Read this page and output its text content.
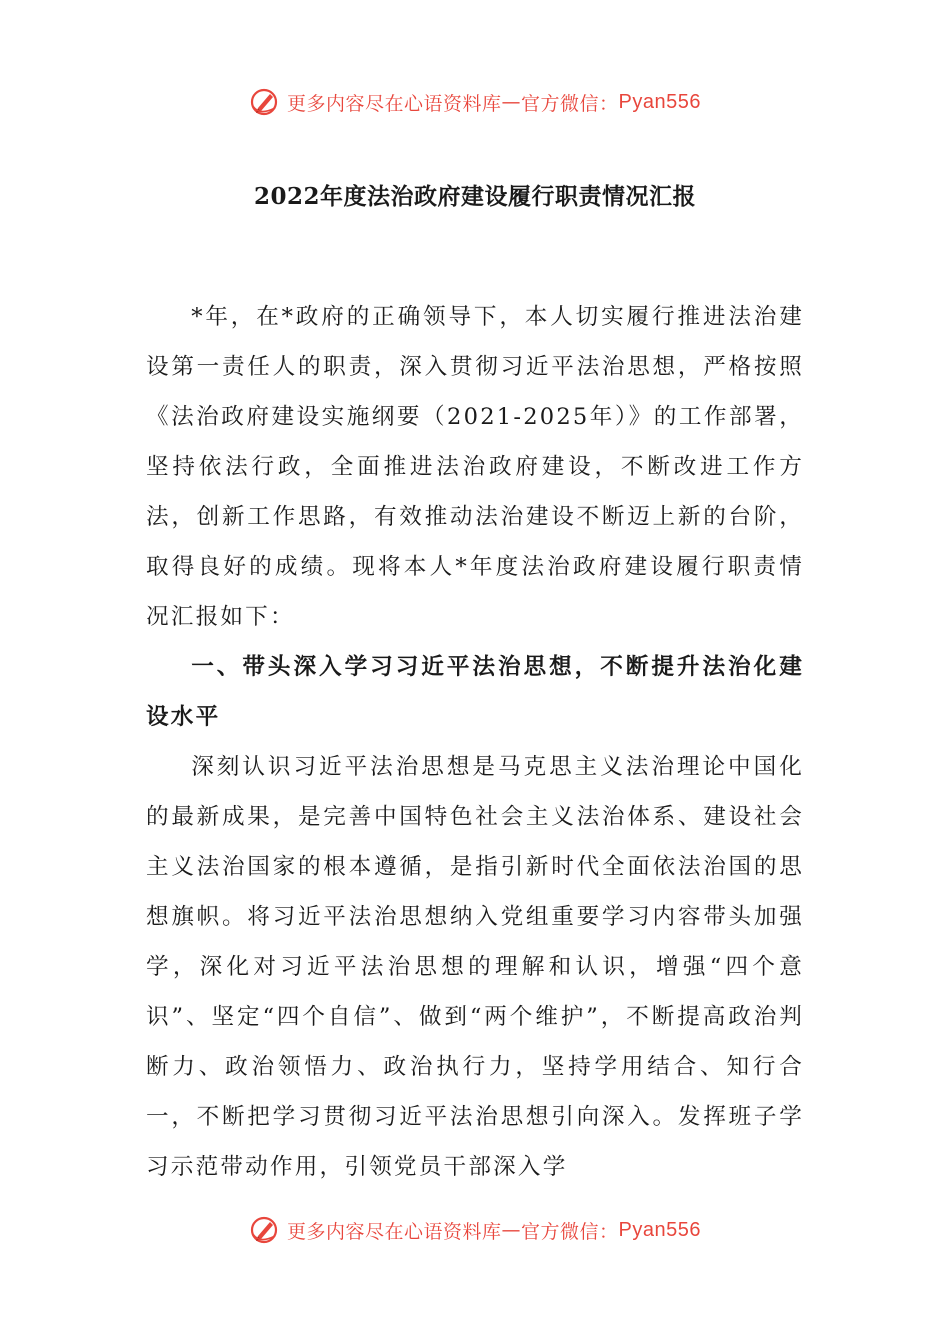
更多内容尽在心语资料库 — 官方微信： Pyan556
2022年度法治政府建设履行职责情况汇报

*年，在*政府的正确领导下，本人切实履行推进法治建设第一责任人的职责，深入贯彻习近平法治思想，严格按照《法治政府建设实施纲要（2021-2025年）》的工作部署，坚持依法行政，全面推进法治政府建设，不断改进工作方法，创新工作思路，有效推动法治建设不断迈上新的台阶，取得良好的成绩。现将本人*年度法治政府建设履行职责情况汇报如下：

一、带头深入学习习近平法治思想，不断提升法治化建设水平

深刻认识习近平法治思想是马克思主义法治理论中国化的最新成果，是完善中国特色社会主义法治体系、建设社会主义法治国家的根本遵循，是指引新时代全面依法治国的思想旗帜。将习近平法治思想纳入党组重要学习内容带头加强学，深化对习近平法治思想的理解和认识，增强“四个意识”、坚定“四个自信”、做到“两个维护”，不断提高政治判断力、政治领悟力、政治执行力，坚持学用结合、知行合一，不断把学习贯彻习近平法治思想引向深入。发挥班子学习示范带动作用，引领党员干部深入学

更多内容尽在心语资料库 — 官方微信： Pyan556
